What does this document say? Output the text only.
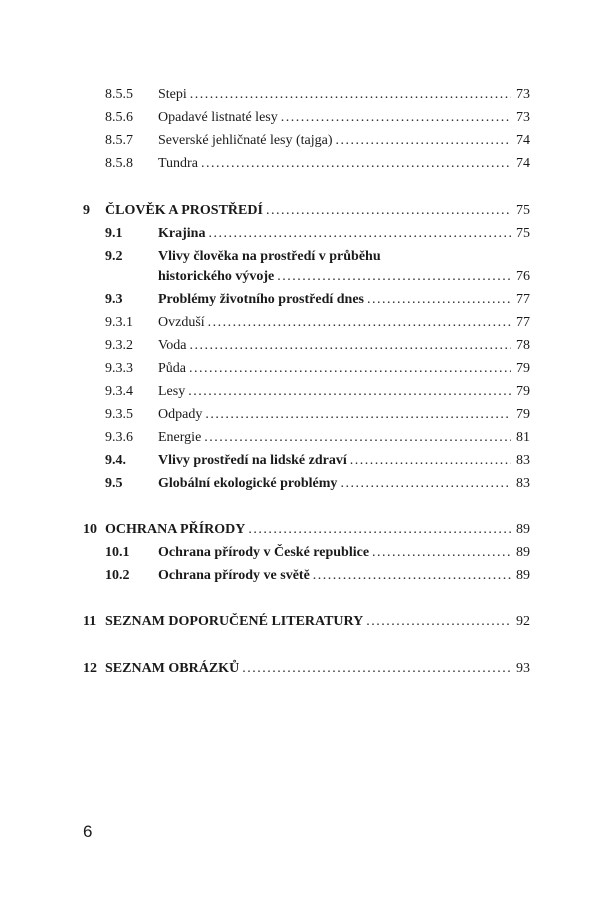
8.5.5 Stepi . . .	73
8.5.6 Opadavé listnaté lesy . . .	73
8.5.7 Severské jehličnaté lesy (tajga) . . .	74
8.5.8 Tundra . . .	74
9 ČLOVĚK A PROSTŘEDÍ . . .	75
9.1	Krajina . . .	75
9.2	Vlivy člověka na prostředí v průběhu
historického vývoje . . .	76
9.3	Problémy životního prostředí dnes . . .	77
9.3.1 Ovzduší . . .	77
9.3.2 Voda . . .	78
9.3.3 Půda . . .	79
9.3.4 Lesy . . .	79
9.3.5 Odpady . . .	79
9.3.6 Energie . . .	81
9.4. Vlivy prostředí na lidské zdraví . . .	83
9.5	Globální ekologické problémy . . .	83
10 OCHRANA PŘÍRODY . . .	89
10.1 Ochrana přírody v České republice . . .	89
10.2 Ochrana přírody ve světě . . .	89
11 SEZNAM DOPORUČENÉ LITERATURY . . .	92
12 SEZNAM OBRÁZKŮ . . .	93
6
